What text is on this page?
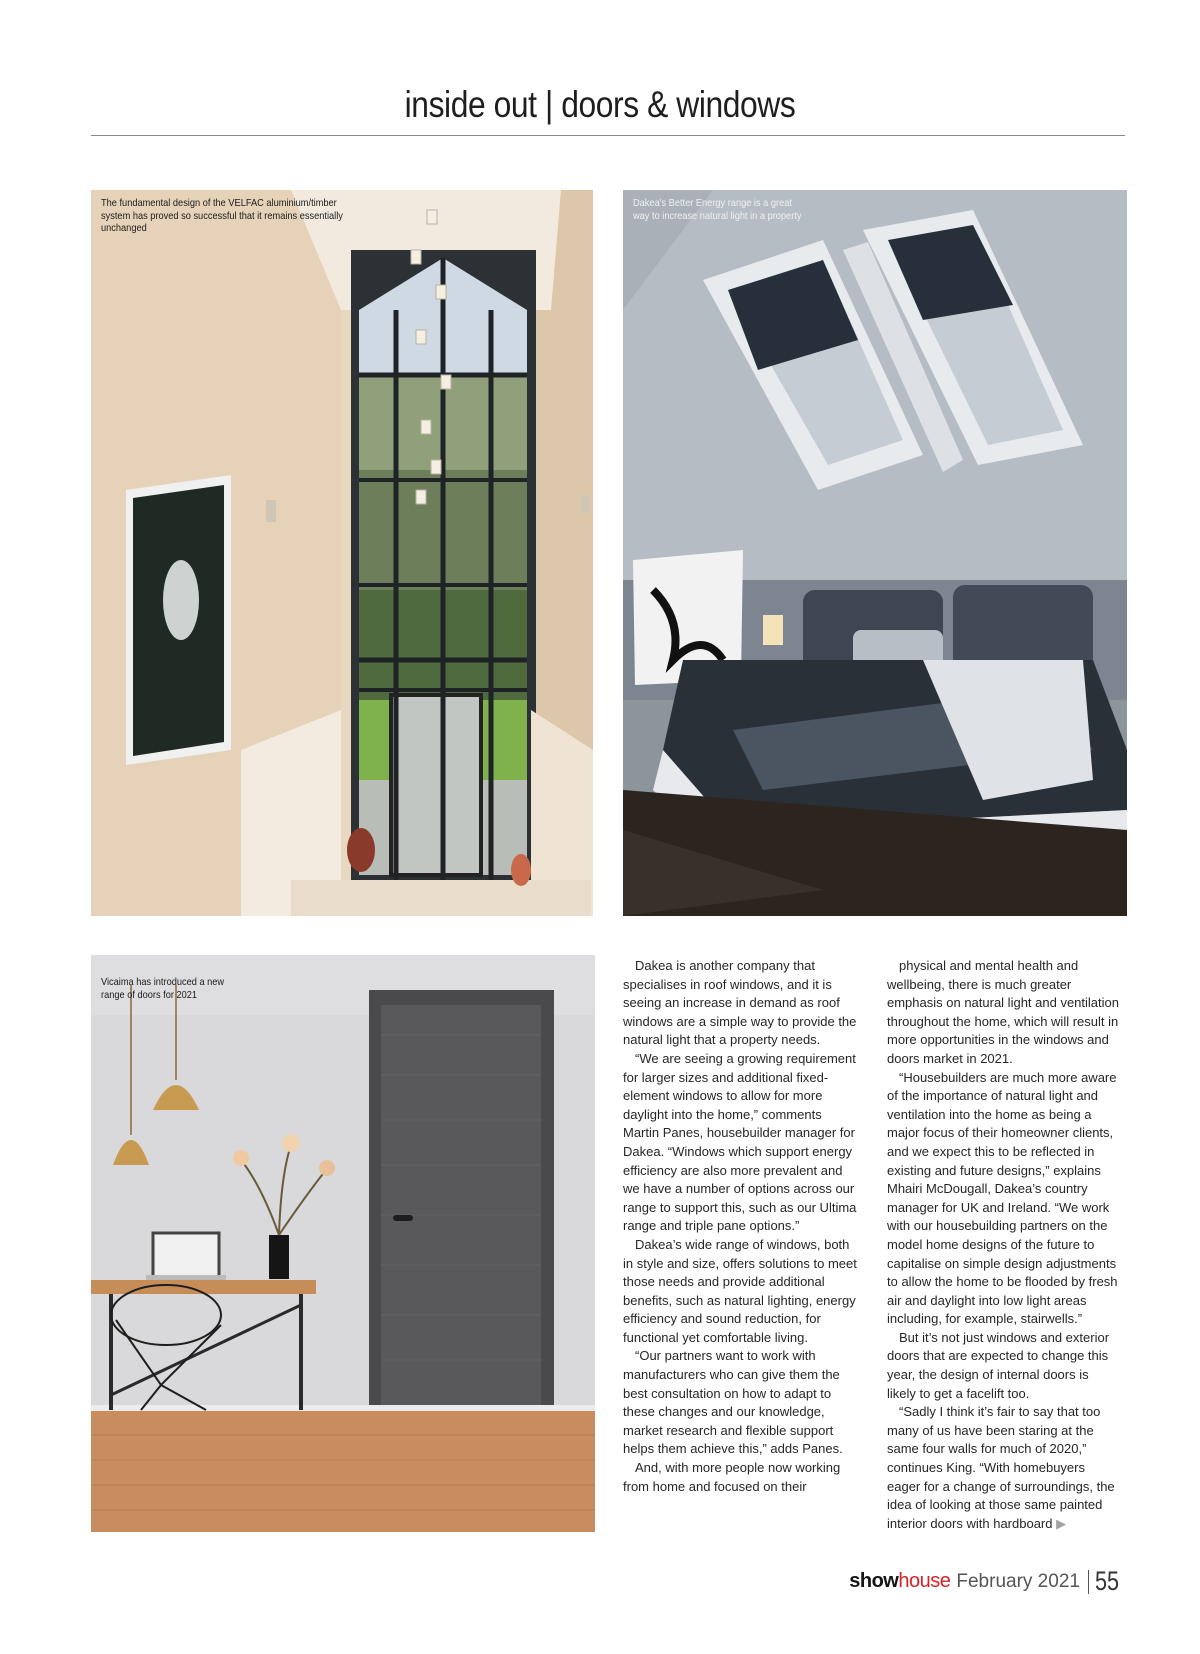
inside out | doors & windows
The fundamental design of the VELFAC aluminium/timber system has proved so successful that it remains essentially unchanged
Dakea's Better Energy range is a great way to increase natural light in a property
Vicaima has introduced a new range of doors for 2021

Dakea is another company that specialises in roof windows, and it is seeing an increase in demand as roof windows are a simple way to provide the natural light that a property needs.

“We are seeing a growing requirement for larger sizes and additional fixed-element windows to allow for more daylight into the home,” comments Martin Panes, housebuilder manager for Dakea. “Windows which support energy efficiency are also more prevalent and we have a number of options across our range to support this, such as our Ultima range and triple pane options.”

Dakea’s wide range of windows, both in style and size, offers solutions to meet those needs and provide additional benefits, such as natural lighting, energy efficiency and sound reduction, for functional yet comfortable living.

“Our partners want to work with manufacturers who can give them the best consultation on how to adapt to these changes and our knowledge, market research and flexible support helps them achieve this,” adds Panes.

And, with more people now working from home and focused on their

physical and mental health and wellbeing, there is much greater emphasis on natural light and ventilation throughout the home, which will result in more opportunities in the windows and doors market in 2021.

“Housebuilders are much more aware of the importance of natural light and ventilation into the home as being a major focus of their homeowner clients, and we expect this to be reflected in existing and future designs,” explains Mhairi McDougall, Dakea’s country manager for UK and Ireland. “We work with our housebuilding partners on the model home designs of the future to capitalise on simple design adjustments to allow the home to be flooded by fresh air and daylight into low light areas including, for example, stairwells.”

But it’s not just windows and exterior doors that are expected to change this year, the design of internal doors is likely to get a facelift too.

“Sadly I think it’s fair to say that too many of us have been staring at the same four walls for much of 2020,” continues King. “With homebuyers eager for a change of surroundings, the idea of looking at those same painted interior doors with hardboard ▶

show house February 2021 55
